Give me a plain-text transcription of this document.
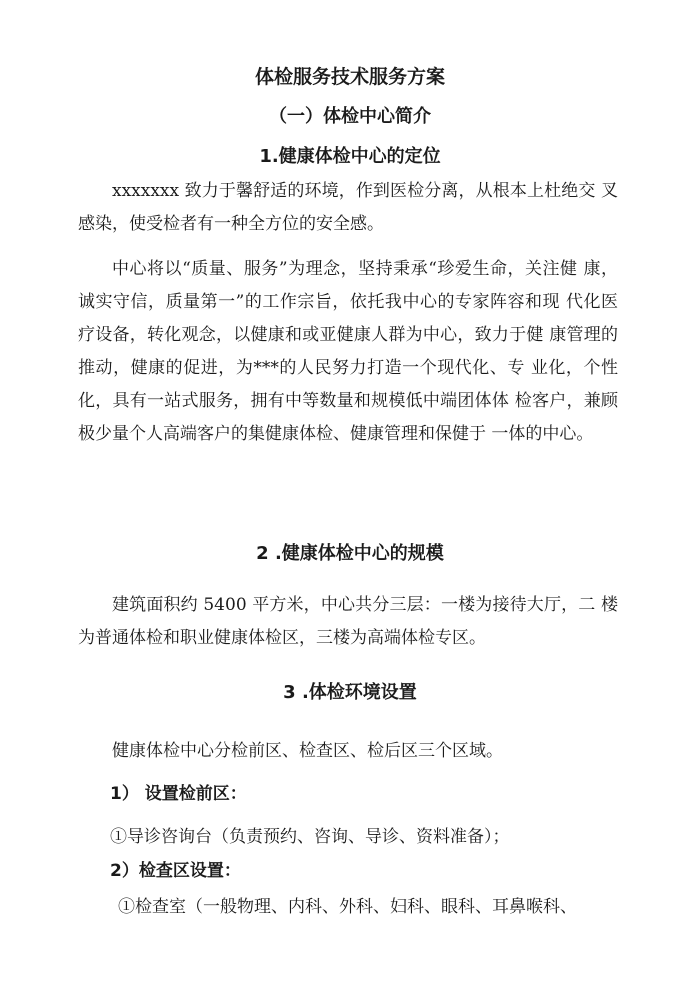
体检服务技术服务方案
（一）体检中心简介
1.健康体检中心的定位
xxxxxxx 致力于馨舒适的环境，作到医检分离，从根本上杜绝交 叉感染，使受检者有一种全方位的安全感。
中心将以“质量、服务”为理念，坚持秉承“珍爱生命，关注健 康，诚实守信，质量第一”的工作宗旨，依托我中心的专家阵容和现 代化医疗设备，转化观念，以健康和或亚健康人群为中心，致力于健 康管理的推动，健康的促进，为***的人民努力打造一个现代化、专 业化，个性化，具有一站式服务，拥有中等数量和规模低中端团体体 检客户，兼顾极少量个人高端客户的集健康体检、健康管理和保健于 一体的中心。
2 .健康体检中心的规模
建筑面积约 5400 平方米，中心共分三层：一楼为接待大厅，二 楼为普通体检和职业健康体检区，三楼为高端体检专区。
3 .体检环境设置
健康体检中心分检前区、检查区、检后区三个区域。
1） 设置检前区：
①导诊咨询台（负责预约、咨询、导诊、资料准备）；
2）检查区设置：
①检查室（一般物理、内科、外科、妇科、眼科、耳鼻喉科、
